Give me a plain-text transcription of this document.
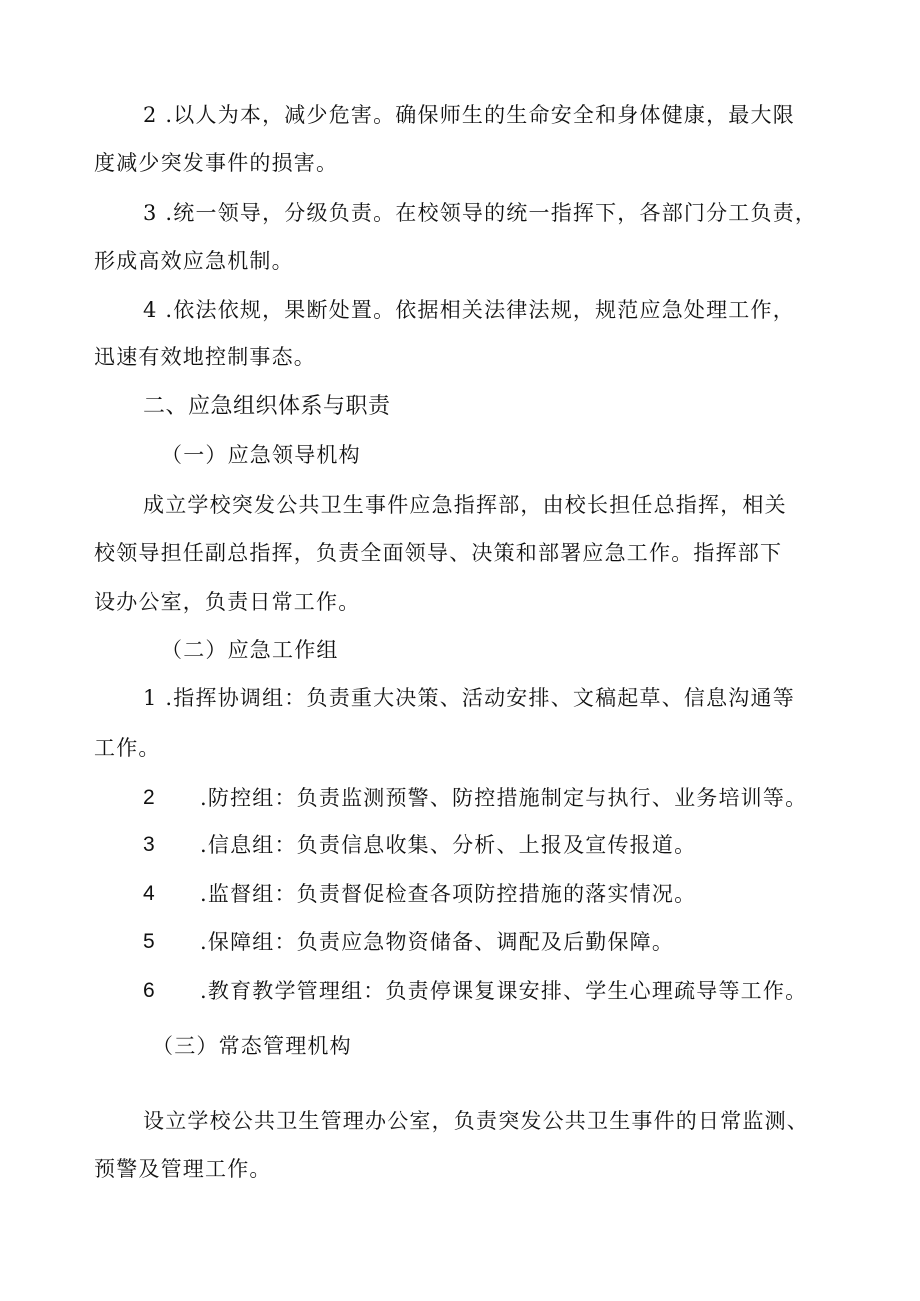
2 .以人为本，减少危害。确保师生的生命安全和身体健康，最大限
度减少突发事件的损害。
3 .统一领导，分级负责。在校领导的统一指挥下，各部门分工负责，
形成高效应急机制。
4 .依法依规，果断处置。依据相关法律法规，规范应急处理工作，
迅速有效地控制事态。
二、应急组织体系与职责
（一）应急领导机构
成立学校突发公共卫生事件应急指挥部，由校长担任总指挥，相关
校领导担任副总指挥，负责全面领导、决策和部署应急工作。指挥部下
设办公室，负责日常工作。
（二）应急工作组
1 .指挥协调组：负责重大决策、活动安排、文稿起草、信息沟通等
工作。
2 .防控组：负责监测预警、防控措施制定与执行、业务培训等。
3 .信息组：负责信息收集、分析、上报及宣传报道。
4 .监督组：负责督促检查各项防控措施的落实情况。
5 .保障组：负责应急物资储备、调配及后勤保障。
6 .教育教学管理组：负责停课复课安排、学生心理疏导等工作。
（三）常态管理机构
设立学校公共卫生管理办公室，负责突发公共卫生事件的日常监测、
预警及管理工作。
